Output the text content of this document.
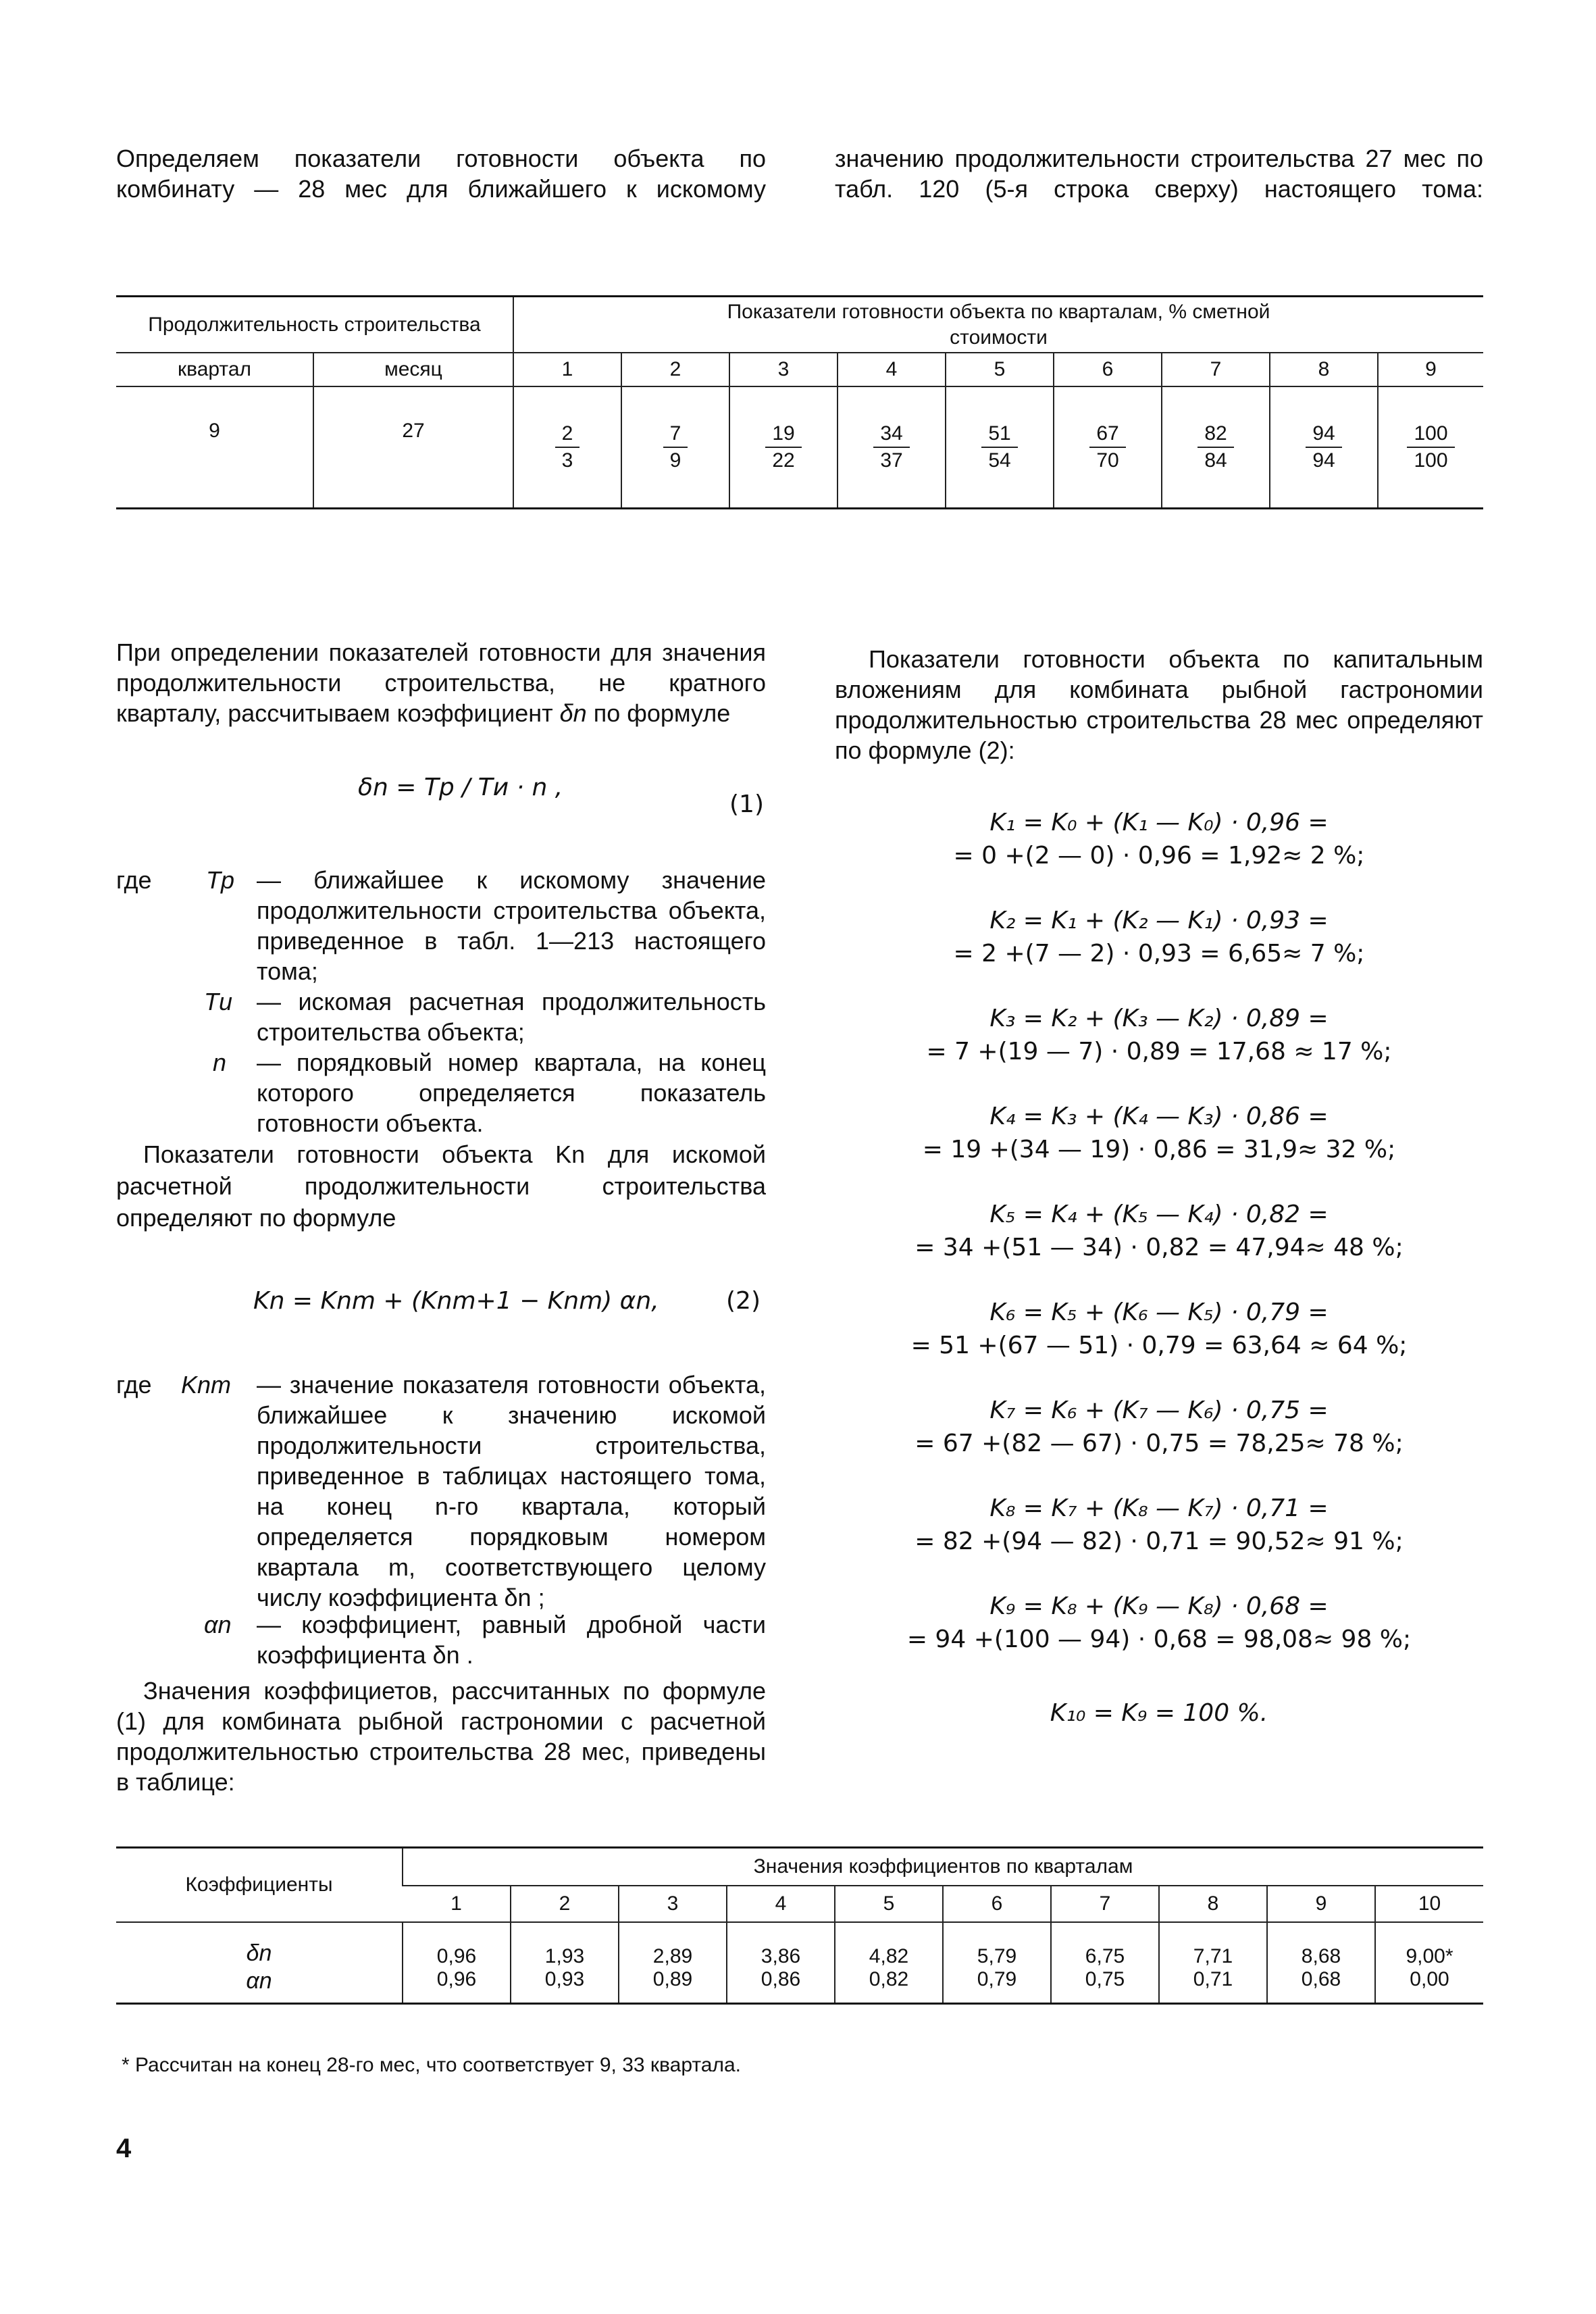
Определяем показатели готовности объекта по комбинату — 28 мес для ближайшего к искомому
значению продолжительности строительства 27 мес по табл. 120 (5-я строка сверху) настоящего тома:
Продолжительность строительства		Показатели готовности объекта по кварталам, % сметной стоимости								
квартал	месяц	1	2	3	4	5	6	7	8	9
9	27	$\frac{2}{3}$	$\frac{7}{9}$	$\frac{19}{22}$	$\frac{34}{37}$	$\frac{51}{54}$	$\frac{67}{70}$	$\frac{82}{84}$	$\frac{94}{94}$	$\frac{100}{100}$
При определении показателей готовности для значения продолжительности строительства, не кратного кварталу, рассчитываем коэффициент δn по формуле
δn = Tр / Tи · n ,
(1)
где Tр — ближайшее к искомому значение продолжительности строительства объекта, приведенное в табл. 1—213 настоящего тома;
Tи — искомая расчетная продолжительность строительства объекта;
n — порядковый номер квартала, на конец которого определяется показатель готовности объекта.
Показатели готовности объекта Kn для искомой расчетной продолжительности строительства определяют по формуле
Kn = Knm + (Knm+1 − Knm) αn,	(2)
где Knm — значение показателя готовности объекта, ближайшее к значению искомой продолжительности строительства, приведенное в таблицах настоящего тома, на конец n-го квартала, который определяется порядковым номером квартала m, соответствующего целому числу коэффициента δn ;
αn — коэффициент, равный дробной части коэффициента δn .
Значения коэффициетов, рассчитанных по формуле (1) для комбината рыбной гастрономии с расчетной продолжительностью строительства 28 мес, приведены в таблице:
Показатели готовности объекта по капитальным вложениям для комбината рыбной гастрономии продолжительностью строительства 28 мес определяют по формуле (2):
K₁ = K₀ + (K₁ — K₀) · 0,96 =
= 0 +(2 — 0) · 0,96 = 1,92≈ 2 %;
K₂ = K₁ + (K₂ — K₁) · 0,93 =
= 2 +(7 — 2) · 0,93 = 6,65≈ 7 %;
K₃ = K₂ + (K₃ — K₂) · 0,89 =
= 7 +(19 — 7) · 0,89 = 17,68 ≈ 17 %;
K₄ = K₃ + (K₄ — K₃) · 0,86 =
= 19 +(34 — 19) · 0,86 = 31,9≈ 32 %;
K₅ = K₄ + (K₅ — K₄) · 0,82 =
= 34 +(51 — 34) · 0,82 = 47,94≈ 48 %;
K₆ = K₅ + (K₆ — K₅) · 0,79 =
= 51 +(67 — 51) · 0,79 = 63,64 ≈ 64 %;
K₇ = K₆ + (K₇ — K₆) · 0,75 =
= 67 +(82 — 67) · 0,75 = 78,25≈ 78 %;
K₈ = K₇ + (K₈ — K₇) · 0,71 =
= 82 +(94 — 82) · 0,71 = 90,52≈ 91 %;
K₉ = K₈ + (K₉ — K₈) · 0,68 =
= 94 +(100 — 94) · 0,68 = 98,08≈ 98 %;
K₁₀ = K₉ = 100 %.
Коэффициенты	Значения коэффициентов по кварталам									
	1	2	3	4	5	6	7	8	9	10
δn	0,96	1,93	2,89	3,86	4,82	5,79	6,75	7,71	8,68	9,00*
αn	0,96	0,93	0,89	0,86	0,82	0,79	0,75	0,71	0,68	0,00
* Рассчитан на конец 28-го мес, что соответствует 9, 33 квартала.
4
